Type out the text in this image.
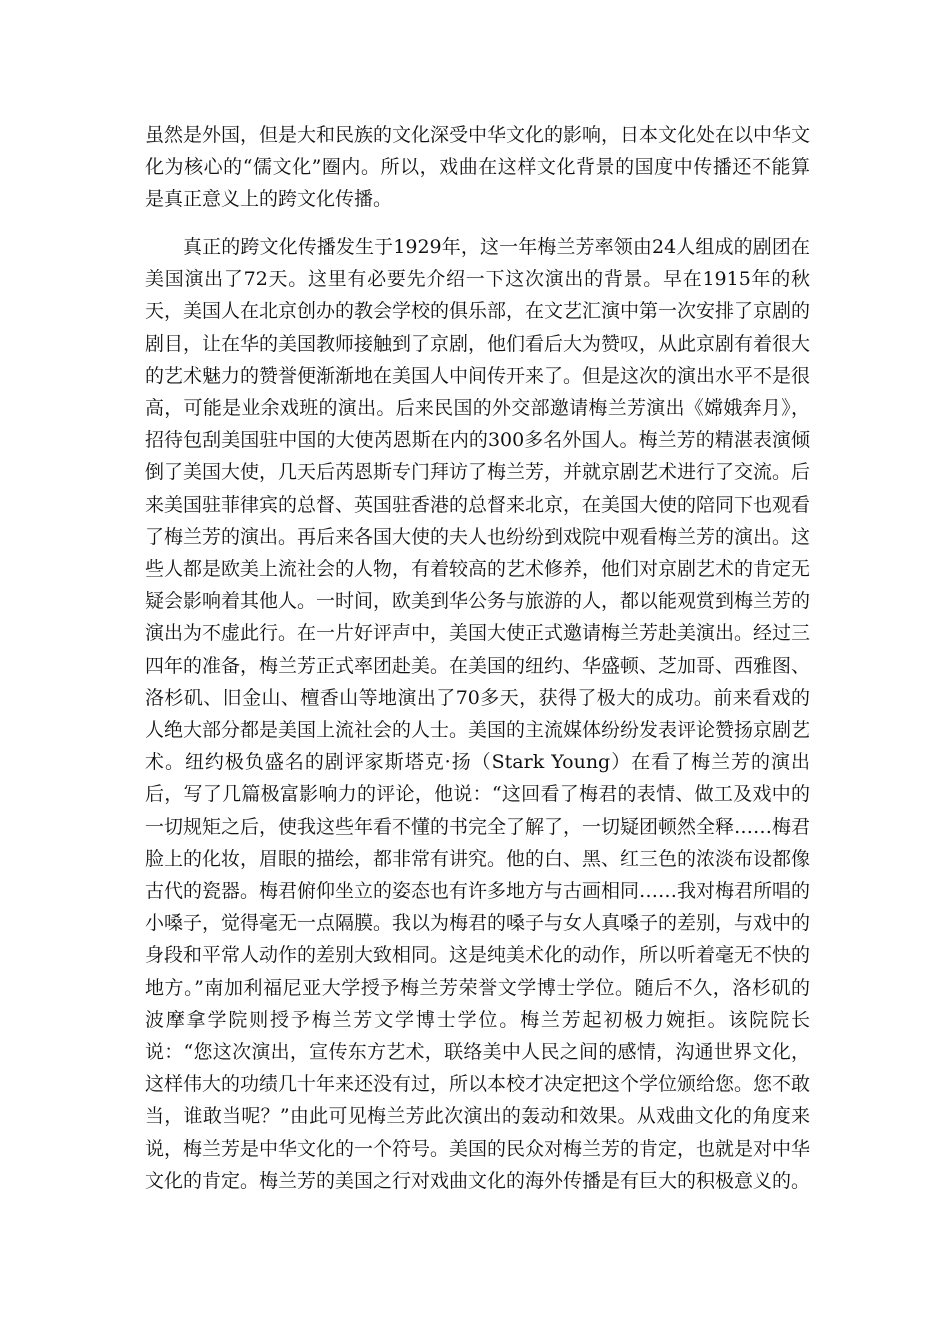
虽然是外国，但是大和民族的文化深受中华文化的影响，日本文化处在以中华文化为核心的“儒文化”圈内。所以，戏曲在这样文化背景的国度中传播还不能算是真正意义上的跨文化传播。

真正的跨文化传播发生于1929年，这一年梅兰芳率领由24人组成的剧团在美国演出了72天。这里有必要先介绍一下这次演出的背景。早在1915年的秋天，美国人在北京创办的教会学校的俱乐部，在文艺汇演中第一次安排了京剧的剧目，让在华的美国教师接触到了京剧，他们看后大为赞叹，从此京剧有着很大的艺术魅力的赞誉便渐渐地在美国人中间传开来了。但是这次的演出水平不是很高，可能是业余戏班的演出。后来民国的外交部邀请梅兰芳演出《嫦娥奔月》，招待包刮美国驻中国的大使芮恩斯在内的300多名外国人。梅兰芳的精湛表演倾倒了美国大使，几天后芮恩斯专门拜访了梅兰芳，并就京剧艺术进行了交流。后来美国驻菲律宾的总督、英国驻香港的总督来北京，在美国大使的陪同下也观看了梅兰芳的演出。再后来各国大使的夫人也纷纷到戏院中观看梅兰芳的演出。这些人都是欧美上流社会的人物，有着较高的艺术修养，他们对京剧艺术的肯定无疑会影响着其他人。一时间，欧美到华公务与旅游的人，都以能观赏到梅兰芳的演出为不虚此行。在一片好评声中，美国大使正式邀请梅兰芳赴美演出。经过三四年的准备，梅兰芳正式率团赴美。在美国的纽约、华盛顿、芝加哥、西雅图、洛杉矶、旧金山、檀香山等地演出了70多天，获得了极大的成功。前来看戏的人绝大部分都是美国上流社会的人士。美国的主流媒体纷纷发表评论赞扬京剧艺术。纽约极负盛名的剧评家斯塔克·扬（Stark Young）在看了梅兰芳的演出后，写了几篇极富影响力的评论，他说：“这回看了梅君的表情、做工及戏中的一切规矩之后，使我这些年看不懂的书完全了解了，一切疑团顿然全释……梅君脸上的化妆，眉眼的描绘，都非常有讲究。他的白、黑、红三色的浓淡布设都像古代的瓷器。梅君俯仰坐立的姿态也有许多地方与古画相同……我对梅君所唱的小嗓子，觉得毫无一点隔膜。我以为梅君的嗓子与女人真嗓子的差别，与戏中的身段和平常人动作的差别大致相同。这是纯美术化的动作，所以听着毫无不快的地方。”南加利福尼亚大学授予梅兰芳荣誉文学博士学位。随后不久，洛杉矶的波摩拿学院则授予梅兰芳文学博士学位。梅兰芳起初极力婉拒。该院院长说：“您这次演出，宣传东方艺术，联络美中人民之间的感情，沟通世界文化，这样伟大的功绩几十年来还没有过，所以本校才决定把这个学位颁给您。您不敢当，谁敢当呢？”由此可见梅兰芳此次演出的轰动和效果。从戏曲文化的角度来说，梅兰芳是中华文化的一个符号。美国的民众对梅兰芳的肯定，也就是对中华文化的肯定。梅兰芳的美国之行对戏曲文化的海外传播是有巨大的积极意义的。
